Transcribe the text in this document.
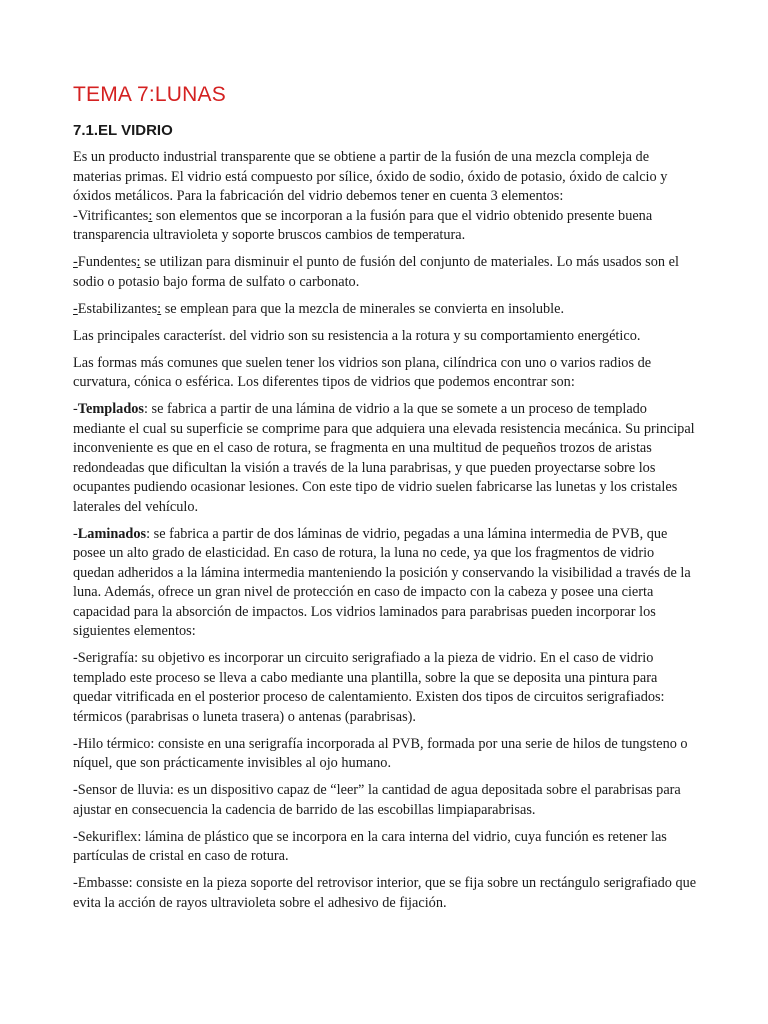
TEMA 7:LUNAS
7.1.EL VIDRIO

Es un producto industrial transparente que se obtiene a partir de la fusión de una mezcla compleja de materias primas. El vidrio está compuesto por sílice, óxido de sodio, óxido de potasio, óxido de calcio y óxidos metálicos. Para la fabricación del vidrio debemos tener en cuenta 3 elementos:

-Vitrificantes: son elementos que se incorporan a la fusión para que el vidrio obtenido presente buena transparencia ultravioleta y soporte bruscos cambios de temperatura.

-Fundentes: se utilizan para disminuir el punto de fusión del conjunto de materiales. Lo más usados son el sodio o potasio bajo forma de sulfato o carbonato.

-Estabilizantes: se emplean para que la mezcla de minerales se convierta en insoluble.

Las principales característ. del vidrio son su resistencia a la rotura y su comportamiento energético.

Las formas más comunes que suelen tener los vidrios son plana, cilíndrica con uno o varios radios de curvatura, cónica o esférica. Los diferentes tipos de vidrios que podemos encontrar son:

-Templados: se fabrica a partir de una lámina de vidrio a la que se somete a un proceso de templado mediante el cual su superficie se comprime para que adquiera una elevada resistencia mecánica. Su principal inconveniente es que en el caso de rotura, se fragmenta en una multitud de pequeños trozos de aristas redondeadas que dificultan la visión a través de la luna parabrisas, y que pueden proyectarse sobre los ocupantes pudiendo ocasionar lesiones. Con este tipo de vidrio suelen fabricarse las lunetas y los cristales laterales del vehículo.

-Laminados: se fabrica a partir de dos láminas de vidrio, pegadas a una lámina intermedia de PVB, que posee un alto grado de elasticidad. En caso de rotura, la luna no cede, ya que los fragmentos de vidrio quedan adheridos a la lámina intermedia manteniendo la posición y conservando la visibilidad a través de la luna. Además, ofrece un gran nivel de protección en caso de impacto con la cabeza y posee una cierta capacidad para la absorción de impactos. Los vidrios laminados para parabrisas pueden incorporar los siguientes elementos:

-Serigrafía: su objetivo es incorporar un circuito serigrafiado a la pieza de vidrio. En el caso de vidrio templado este proceso se lleva a cabo mediante una plantilla, sobre la que se deposita una pintura para quedar vitrificada en el posterior proceso de calentamiento. Existen dos tipos de circuitos serigrafiados: térmicos (parabrisas o luneta trasera) o antenas (parabrisas).

-Hilo térmico: consiste en una serigrafía incorporada al PVB, formada por una serie de hilos de tungsteno o níquel, que son prácticamente invisibles al ojo humano.

-Sensor de lluvia: es un dispositivo capaz de “leer” la cantidad de agua depositada sobre el parabrisas para ajustar en consecuencia la cadencia de barrido de las escobillas limpiaparabrisas.

-Sekuriflex: lámina de plástico que se incorpora en la cara interna del vidrio, cuya función es retener las partículas de cristal en caso de rotura.

-Embasse: consiste en la pieza soporte del retrovisor interior, que se fija sobre un rectángulo serigrafiado que evita la acción de rayos ultravioleta sobre el adhesivo de fijación.
